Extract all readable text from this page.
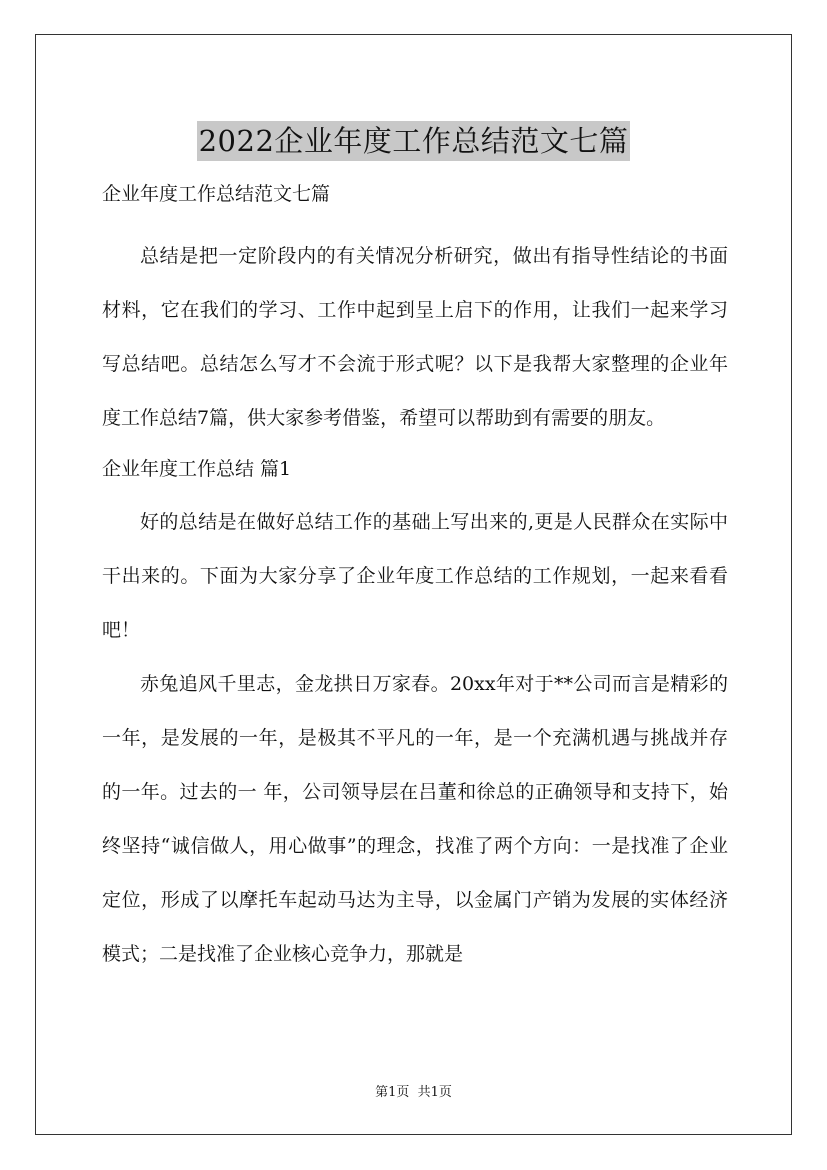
2022企业年度工作总结范文七篇
企业年度工作总结范文七篇

总结是把一定阶段内的有关情况分析研究，做出有指导性结论的书面材料，它在我们的学习、工作中起到呈上启下的作用，让我们一起来学习写总结吧。总结怎么写才不会流于形式呢？以下是我帮大家整理的企业年度工作总结7篇，供大家参考借鉴，希望可以帮助到有需要的朋友。

企业年度工作总结 篇1

好的总结是在做好总结工作的基础上写出来的,更是人民群众在实际中干出来的。下面为大家分享了企业年度工作总结的工作规划，一起来看看吧！

赤兔追风千里志，金龙拱日万家春。20xx年对于**公司而言是精彩的一年，是发展的一年，是极其不平凡的一年，是一个充满机遇与挑战并存的一年。过去的一 年，公司领导层在吕董和徐总的正确领导和支持下，始终坚持“诚信做人，用心做事”的理念，找准了两个方向：一是找准了企业定位，形成了以摩托车起动马达为主导，以金属门产销为发展的实体经济模式；二是找准了企业核心竞争力，那就是

第1页  共1页
